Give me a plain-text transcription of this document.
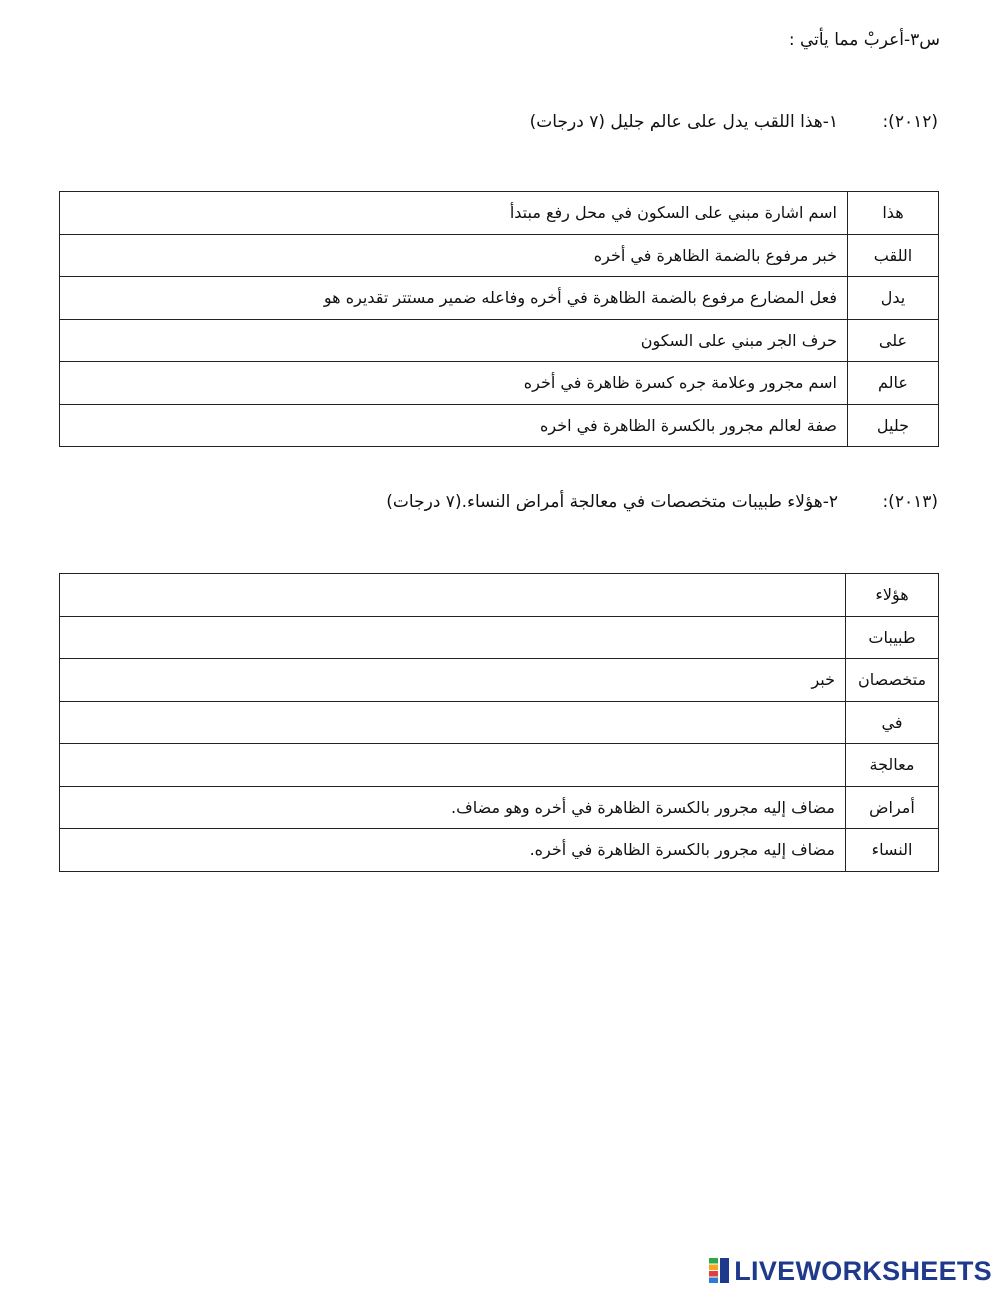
س٣-أعربْ مما يأتي :
(٢٠١٢):
١-هذا اللقب يدل على عالم جليل (٧ درجات)
هذا	اسم اشارة مبني على السكون في محل رفع مبتدأ
اللقب	خبر مرفوع بالضمة الظاهرة في أخره
يدل	فعل المضارع مرفوع بالضمة الظاهرة في أخره وفاعله ضمير مستتر تقديره هو
على	حرف الجر مبني على السكون
عالم	اسم مجرور وعلامة جره كسرة ظاهرة في أخره
جليل	صفة لعالم مجرور بالكسرة الظاهرة في اخره
(٢٠١٣):
٢-هؤلاء طبيبات متخصصات في معالجة أمراض النساء.(٧ درجات)
هؤلاء	
طبيبات	
متخصصان	خبر
في	
معالجة	
أمراض	مضاف إليه مجرور بالكسرة الظاهرة في أخره وهو مضاف.
النساء	مضاف إليه مجرور بالكسرة الظاهرة في أخره.
LIVEWORKSHEETS
